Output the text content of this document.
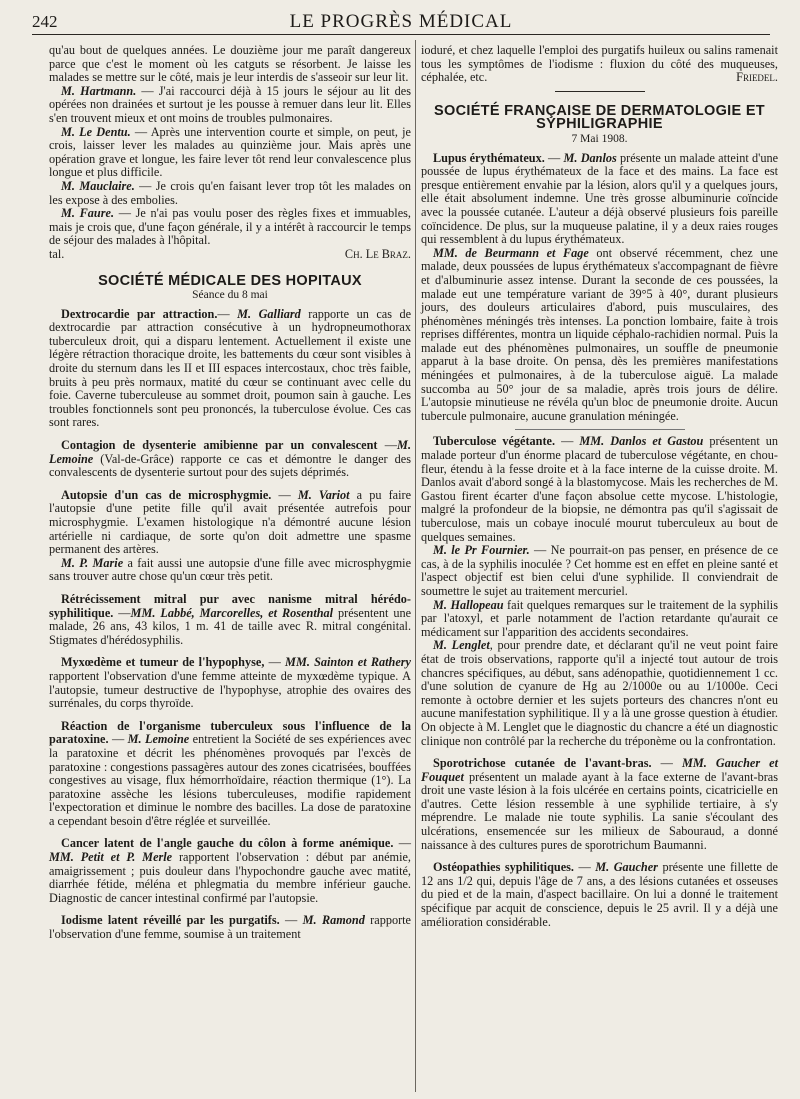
242	LE PROGRÈS MÉDICAL

qu'au bout de quelques années. Le douzième jour me paraît dangereux parce que c'est le moment où les catguts se résorbent. Je laisse les malades se mettre sur le côté, mais je leur interdis de s'asseoir sur leur lit.

M. Hartmann. — J'ai raccourci déjà à 15 jours le séjour au lit des opérées non drainées et surtout je les pousse à remuer dans leur lit. Elles s'en trouvent mieux et ont moins de troubles pulmonaires.

M. Le Dentu. — Après une intervention courte et simple, on peut, je crois, laisser lever les malades au quinzième jour. Mais après une opération grave et longue, les faire lever tôt rend leur convalescence plus longue et plus difficile.

M. Mauclaire. — Je crois qu'en faisant lever trop tôt les malades on les expose à des embolies.

M. Faure. — Je n'ai pas voulu poser des règles fixes et immuables, mais je crois que, d'une façon générale, il y a intérêt à raccourcir le temps de séjour des malades à l'hôpital.

tal.	Ch. Le Braz.
SOCIÉTÉ MÉDICALE DES HOPITAUX
Séance du 8 mai

Dextrocardie par attraction.— M. Galliard rapporte un cas de dextrocardie par attraction consécutive à un hydropneumothorax tuberculeux droit, qui a disparu lentement. Actuellement il existe une légère rétraction thoracique droite, les battements du cœur sont visibles à droite du sternum dans les II et III espaces intercostaux, choc très faible, bruits à peu près normaux, matité du cœur se continuant avec celle du foie. Caverne tuberculeuse au sommet droit, poumon sain à gauche. Les troubles fonctionnels sont peu prononcés, la tuberculose évolue. Ces cas sont rares.

Contagion de dysenterie amibienne par un convalescent —M. Lemoine (Val-de-Grâce) rapporte ce cas et démontre le danger des convalescents de dysenterie surtout pour des sujets déprimés.

Autopsie d'un cas de microsphygmie. — M. Variot a pu faire l'autopsie d'une petite fille qu'il avait présentée autrefois pour microsphygmie. L'examen histologique n'a démontré aucune lésion artérielle ni cardiaque, de sorte qu'on doit admettre une spasme permanent des artères.

M. P. Marie a fait aussi une autopsie d'une fille avec microsphygmie sans trouver autre chose qu'un cœur très petit.

Rétrécissement mitral pur avec nanisme mitral hérédo-syphilitique. —MM. Labbé, Marcorelles, et Rosenthal présentent une malade, 26 ans, 43 kilos, 1 m. 41 de taille avec R. mitral congénital. Stigmates d'hérédosyphilis.

Myxœdème et tumeur de l'hypophyse, — MM. Sainton et Rathery rapportent l'observation d'une femme atteinte de myxœdème typique. A l'autopsie, tumeur destructive de l'hypophyse, atrophie des ovaires des surrénales, du corps thyroïde.

Réaction de l'organisme tuberculeux sous l'influence de la paratoxine. — M. Lemoine entretient la Société de ses expériences avec la paratoxine et décrit les phénomènes provoqués par l'excès de paratoxine : congestions passagères autour des zones cicatrisées, bouffées congestives au visage, flux hémorrhoïdaire, réaction thermique (1°). La paratoxine assèche les lésions tuberculeuses, modifie rapidement l'expectoration et diminue le nombre des bacilles. La dose de paratoxine a cependant besoin d'être réglée et surveillée.

Cancer latent de l'angle gauche du côlon à forme anémique. — MM. Petit et P. Merle rapportent l'observation : début par anémie, amaigrissement ; puis douleur dans l'hypochondre gauche avec matité, diarrhée fétide, méléna et phlegmatia du membre inférieur gauche. Diagnostic de cancer intestinal confirmé par l'autopsie.

Iodisme latent réveillé par les purgatifs. — M. Ramond rapporte l'observation d'une femme, soumise à un traitement

ioduré, et chez laquelle l'emploi des purgatifs huileux ou salins ramenait tous les symptômes de l'iodisme : fluxion du côté des muqueuses, céphalée, etc.	Friedel.

SOCIÉTÉ FRANÇAISE DE DERMATOLOGIE ET SYPHILIGRAPHIE
7 Mai 1908.

Lupus érythémateux. — M. Danlos présente un malade atteint d'une poussée de lupus érythémateux de la face et des mains. La face est presque entièrement envahie par la lésion, alors qu'il y a quelques jours, elle était absolument indemne. Une très grosse albuminurie coïncide avec la poussée cutanée. L'auteur a déjà observé plusieurs fois pareille coïncidence. De plus, sur la muqueuse palatine, il y a deux raies rouges qui ressemblent à du lupus érythémateux.

MM. de Beurmann et Fage ont observé récemment, chez une malade, deux poussées de lupus érythémateux s'accompagnant de fièvre et d'albuminurie assez intense. Durant la seconde de ces poussées, la malade eut une température variant de 39°5 à 40°, durant plusieurs jours, des douleurs articulaires d'abord, puis musculaires, des phénomènes méningés très intenses. La ponction lombaire, faite à trois reprises différentes, montra un liquide céphalo-rachidien normal. Puis la malade eut des phénomènes pulmonaires, un souffle de pneumonie apparut à la base droite. On pensa, dès les premières manifestations méningées et pulmonaires, à de la tuberculose aiguë. La malade succomba au 50° jour de sa maladie, après trois jours de délire. L'autopsie minutieuse ne révéla qu'un bloc de pneumonie droite. Aucun tubercule pulmonaire, aucune granulation méningée.

Tuberculose végétante. — MM. Danlos et Gastou présentent un malade porteur d'un énorme placard de tuberculose végétante, en chou-fleur, étendu à la fesse droite et à la face interne de la cuisse droite. M. Danlos avait d'abord songé à la blastomycose. Mais les recherches de M. Gastou firent écarter d'une façon absolue cette mycose. L'histologie, malgré la profondeur de la biopsie, ne démontra pas qu'il s'agissait de tuberculose, mais un cobaye inoculé mourut tuberculeux au bout de quelques semaines.

M. le Pr Fournier. — Ne pourrait-on pas penser, en présence de ce cas, à de la syphilis inoculée ? Cet homme est en effet en pleine santé et l'aspect objectif est bien celui d'une syphilide. Il conviendrait de soumettre le sujet au traitement mercuriel.

M. Hallopeau fait quelques remarques sur le traitement de la syphilis par l'atoxyl, et parle notamment de l'action retardante qu'aurait ce médicament sur l'apparition des accidents secondaires.

M. Lenglet, pour prendre date, et déclarant qu'il ne veut point faire état de trois observations, rapporte qu'il a injecté tout autour de trois chancres spécifiques, au début, sans adénopathie, quotidiennement 1 cc. d'une solution de cyanure de Hg au 2/1000e ou au 1/1000e. Ceci remonte à octobre dernier et les sujets porteurs des chancres n'ont eu aucune manifestation syphilitique. Il y a là une grosse question à étudier. On objecte à M. Lenglet que le diagnostic du chancre a été un diagnostic clinique non contrôlé par la recherche du tréponème ou la confrontation.

Sporotrichose cutanée de l'avant-bras. — MM. Gaucher et Fouquet présentent un malade ayant à la face externe de l'avant-bras droit une vaste lésion à la fois ulcérée en certains points, cicatricielle en d'autres. Cette lésion ressemble à une syphilide tertiaire, à s'y méprendre. Le malade nie toute syphilis. La sanie s'écoulant des ulcérations, ensemencée sur les milieux de Sabouraud, a donné naissance à des cultures pures de sporotrichum Baumanni.

Ostéopathies syphilitiques. — M. Gaucher présente une fillette de 12 ans 1/2 qui, depuis l'âge de 7 ans, a des lésions cutanées et osseuses du pied et de la main, d'aspect bacillaire. On lui a donné le traitement spécifique par acquit de conscience, depuis le 25 avril. Il y a déjà une amélioration considérable.
